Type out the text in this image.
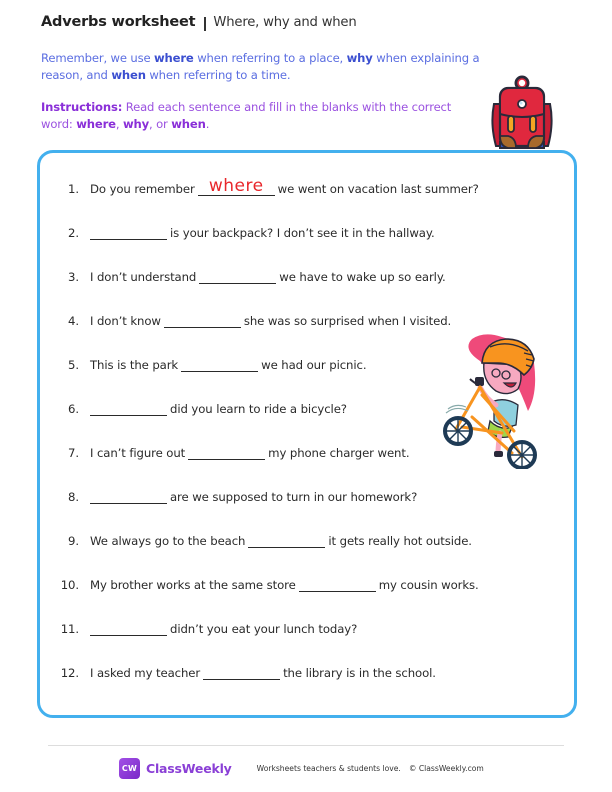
Adverbs worksheet Where, why and when

Remember, we use where when referring to a place, why when explaining a reason, and when when referring to a time.

Instructions: Read each sentence and fill in the blanks with the correct word: where, why, or when.

1. Do you remember where	we went on vacation last summer?
2.	is your backpack? I don’t see it in the hallway.
3. I don’t understand	we have to wake up so early.
4. I don’t know	she was so surprised when I visited.
5. This is the park	we had our picnic.
6.	did you learn to ride a bicycle?
7. I can’t figure out	my phone charger went.
8.	are we supposed to turn in our homework?
9. We always go to the beach	it gets really hot outside.
10. My brother works at the same store	my cousin works.
11.	didn’t you eat your lunch today?
12. I asked my teacher	the library is in the school.
CW ClassWeekly	Worksheets teachers & students love. © ClassWeekly.com
